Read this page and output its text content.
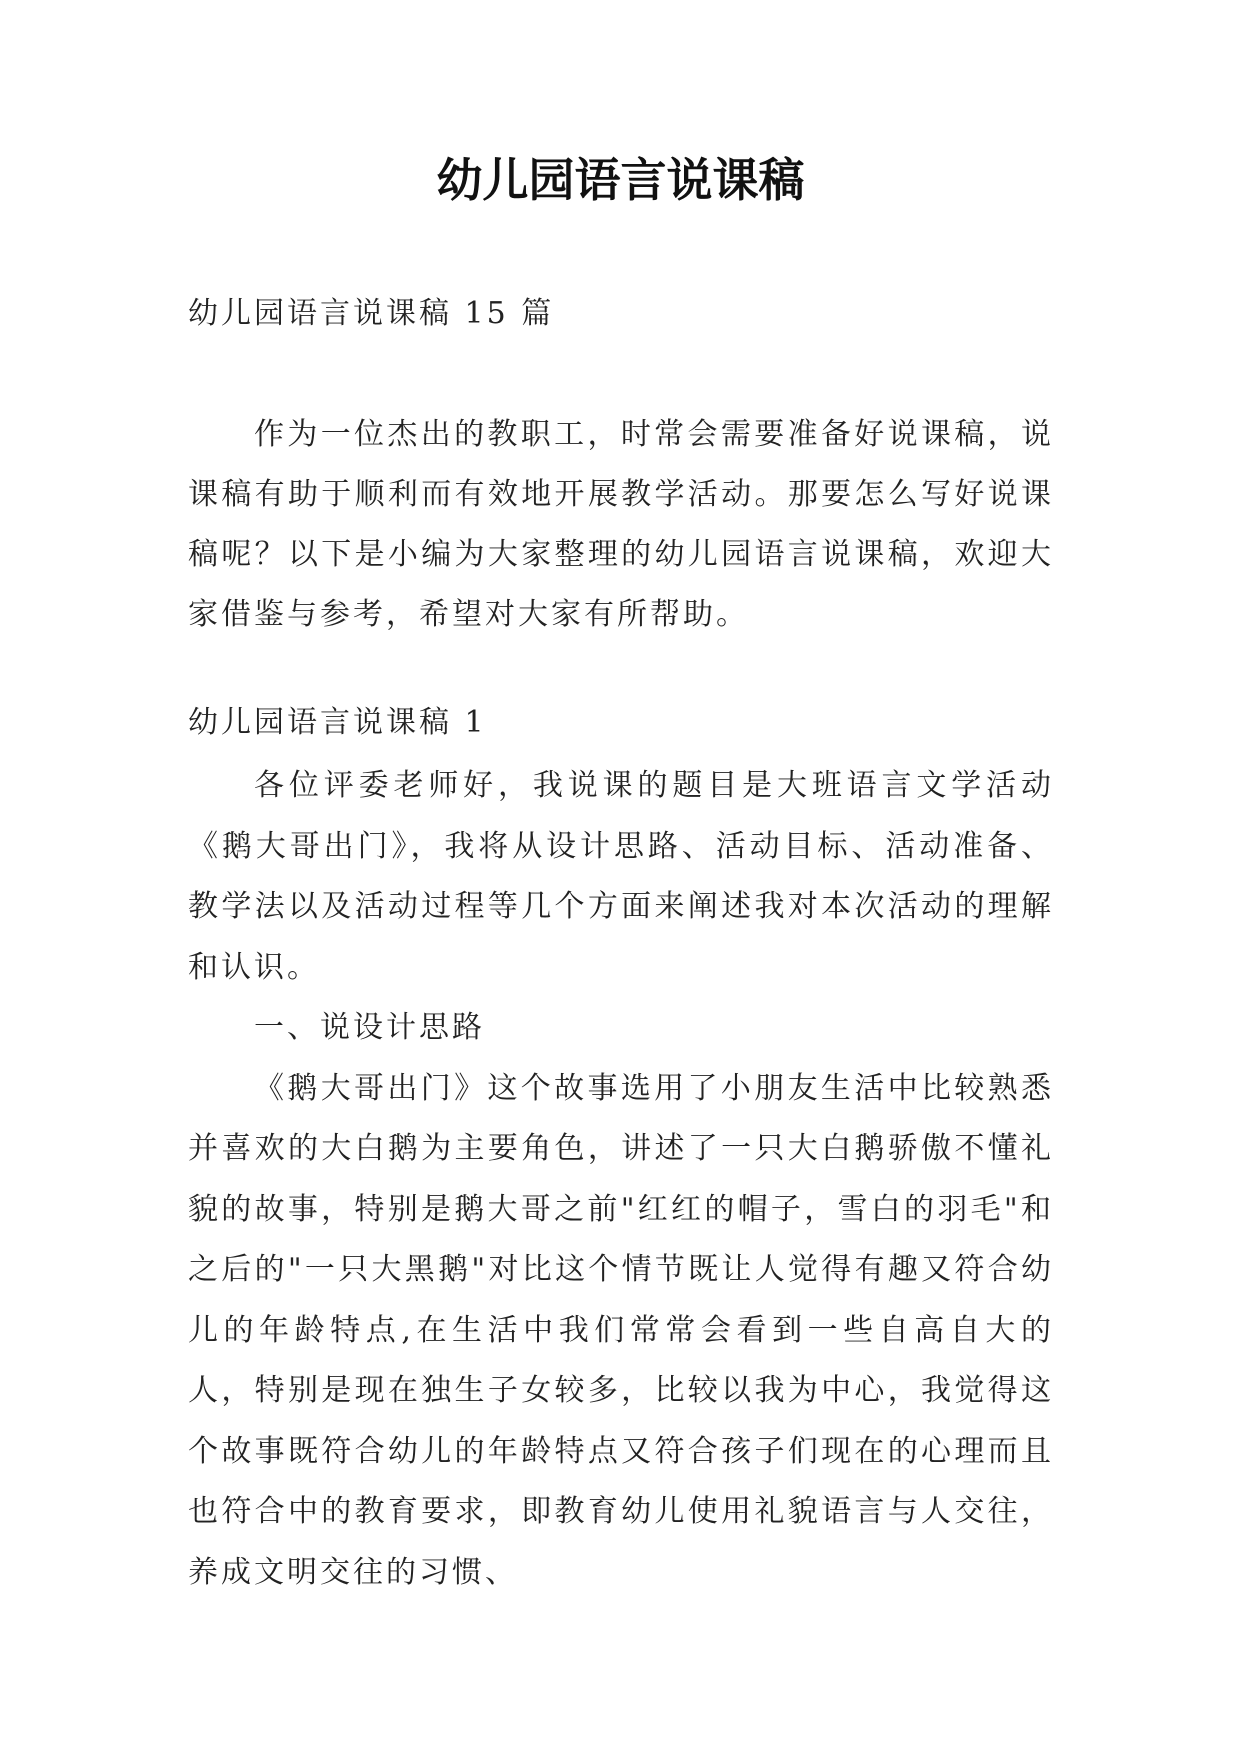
幼儿园语言说课稿

幼儿园语言说课稿 15 篇

作为一位杰出的教职工，时常会需要准备好说课稿，说课稿有助于顺利而有效地开展教学活动。那要怎么写好说课稿呢？以下是小编为大家整理的幼儿园语言说课稿，欢迎大家借鉴与参考，希望对大家有所帮助。

幼儿园语言说课稿 1

各位评委老师好，我说课的题目是大班语言文学活动《鹅大哥出门》，我将从设计思路、活动目标、活动准备、教学法以及活动过程等几个方面来阐述我对本次活动的理解和认识。

一、说设计思路

《鹅大哥出门》这个故事选用了小朋友生活中比较熟悉并喜欢的大白鹅为主要角色，讲述了一只大白鹅骄傲不懂礼貌的故事，特别是鹅大哥之前"红红的帽子，雪白的羽毛"和之后的"一只大黑鹅"对比这个情节既让人觉得有趣又符合幼儿的年龄特点,在生活中我们常常会看到一些自高自大的人，特别是现在独生子女较多，比较以我为中心，我觉得这个故事既符合幼儿的年龄特点又符合孩子们现在的心理而且也符合中的教育要求，即教育幼儿使用礼貌语言与人交往，养成文明交往的习惯、
